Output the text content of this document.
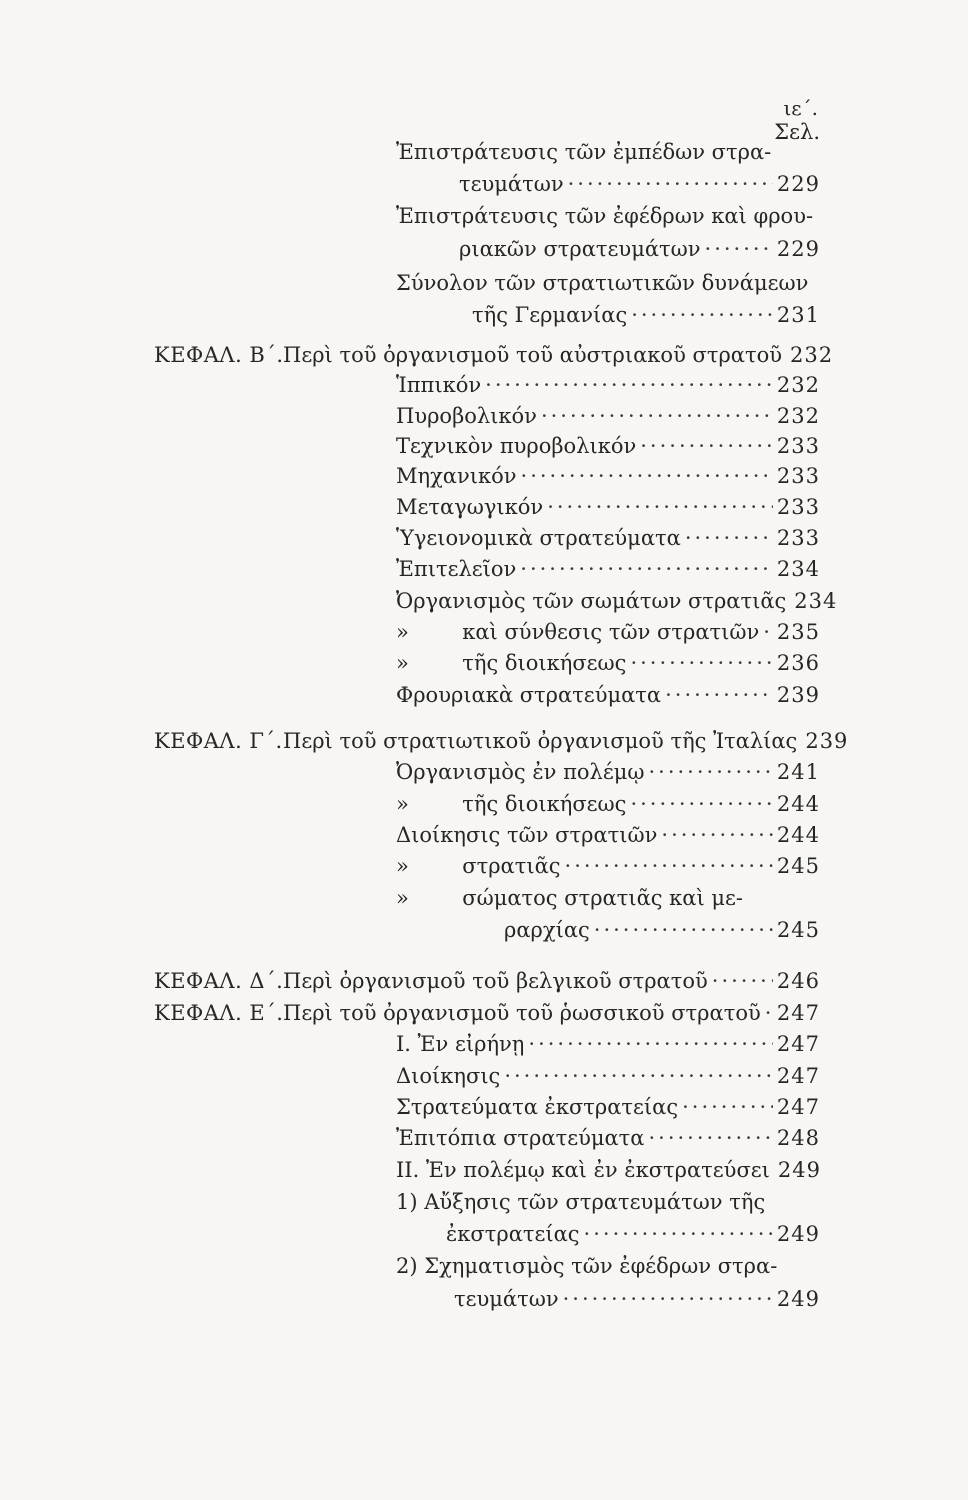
ιε΄.
Σελ.
Ἐπιστράτευσις τῶν ἐμπέδων στρα-
τευμάτων ·····	229
Ἐπιστράτευσις τῶν ἐφέδρων καὶ φρου-
ριακῶν στρατευμάτων ·····	229
Σύνολον τῶν στρατιωτικῶν δυνάμεων
τῆς Γερμανίας ·····	231
ΚΕΦΑΛ. Β΄. Περὶ τοῦ ὀργανισμοῦ τοῦ αὐστριακοῦ στρατοῦ 232
Ἱππικόν ·····	232
Πυροβολικόν ·····	232
Τεχνικὸν πυροβολικόν ·····	233
Μηχανικόν ·····	233
Μεταγωγικόν ·····	233
Ὑγειονομικὰ στρατεύματα ·····	233
Ἐπιτελεῖον ·····	234
Ὀργανισμὸς τῶν σωμάτων στρατιᾶς 234
»        καὶ σύνθεσις τῶν στρατιῶν ····· 235
»        τῆς διοικήσεως ·····	236
Φρουριακὰ στρατεύματα ·····	239
ΚΕΦΑΛ. Γ΄. Περὶ τοῦ στρατιωτικοῦ ὀργανισμοῦ τῆς Ἰταλίας 239
Ὀργανισμὸς ἐν πολέμῳ ·····	241
»        τῆς διοικήσεως ·····	244
Διοίκησις τῶν στρατιῶν ·····	244
»        στρατιᾶς ·····	245
»        σώματος στρατιᾶς καὶ με-
ραρχίας ·····	245
ΚΕΦΑΛ. Δ΄. Περὶ ὀργανισμοῦ τοῦ βελγικοῦ στρατοῦ ·····	246
ΚΕΦΑΛ. Ε΄. Περὶ τοῦ ὀργανισμοῦ τοῦ ῥωσσικοῦ στρατοῦ ····· 247
I. Ἐν εἰρήνῃ ·····	247
Διοίκησις ·····	247
Στρατεύματα ἐκστρατείας ·····	247
Ἐπιτόπια στρατεύματα ·····	248
II. Ἐν πολέμῳ καὶ ἐν ἐκστρατεύσει 249
1) Αὔξησις τῶν στρατευμάτων τῆς
ἐκστρατείας ·····	249
2) Σχηματισμὸς τῶν ἐφέδρων στρα-
τευμάτων ·····	249
